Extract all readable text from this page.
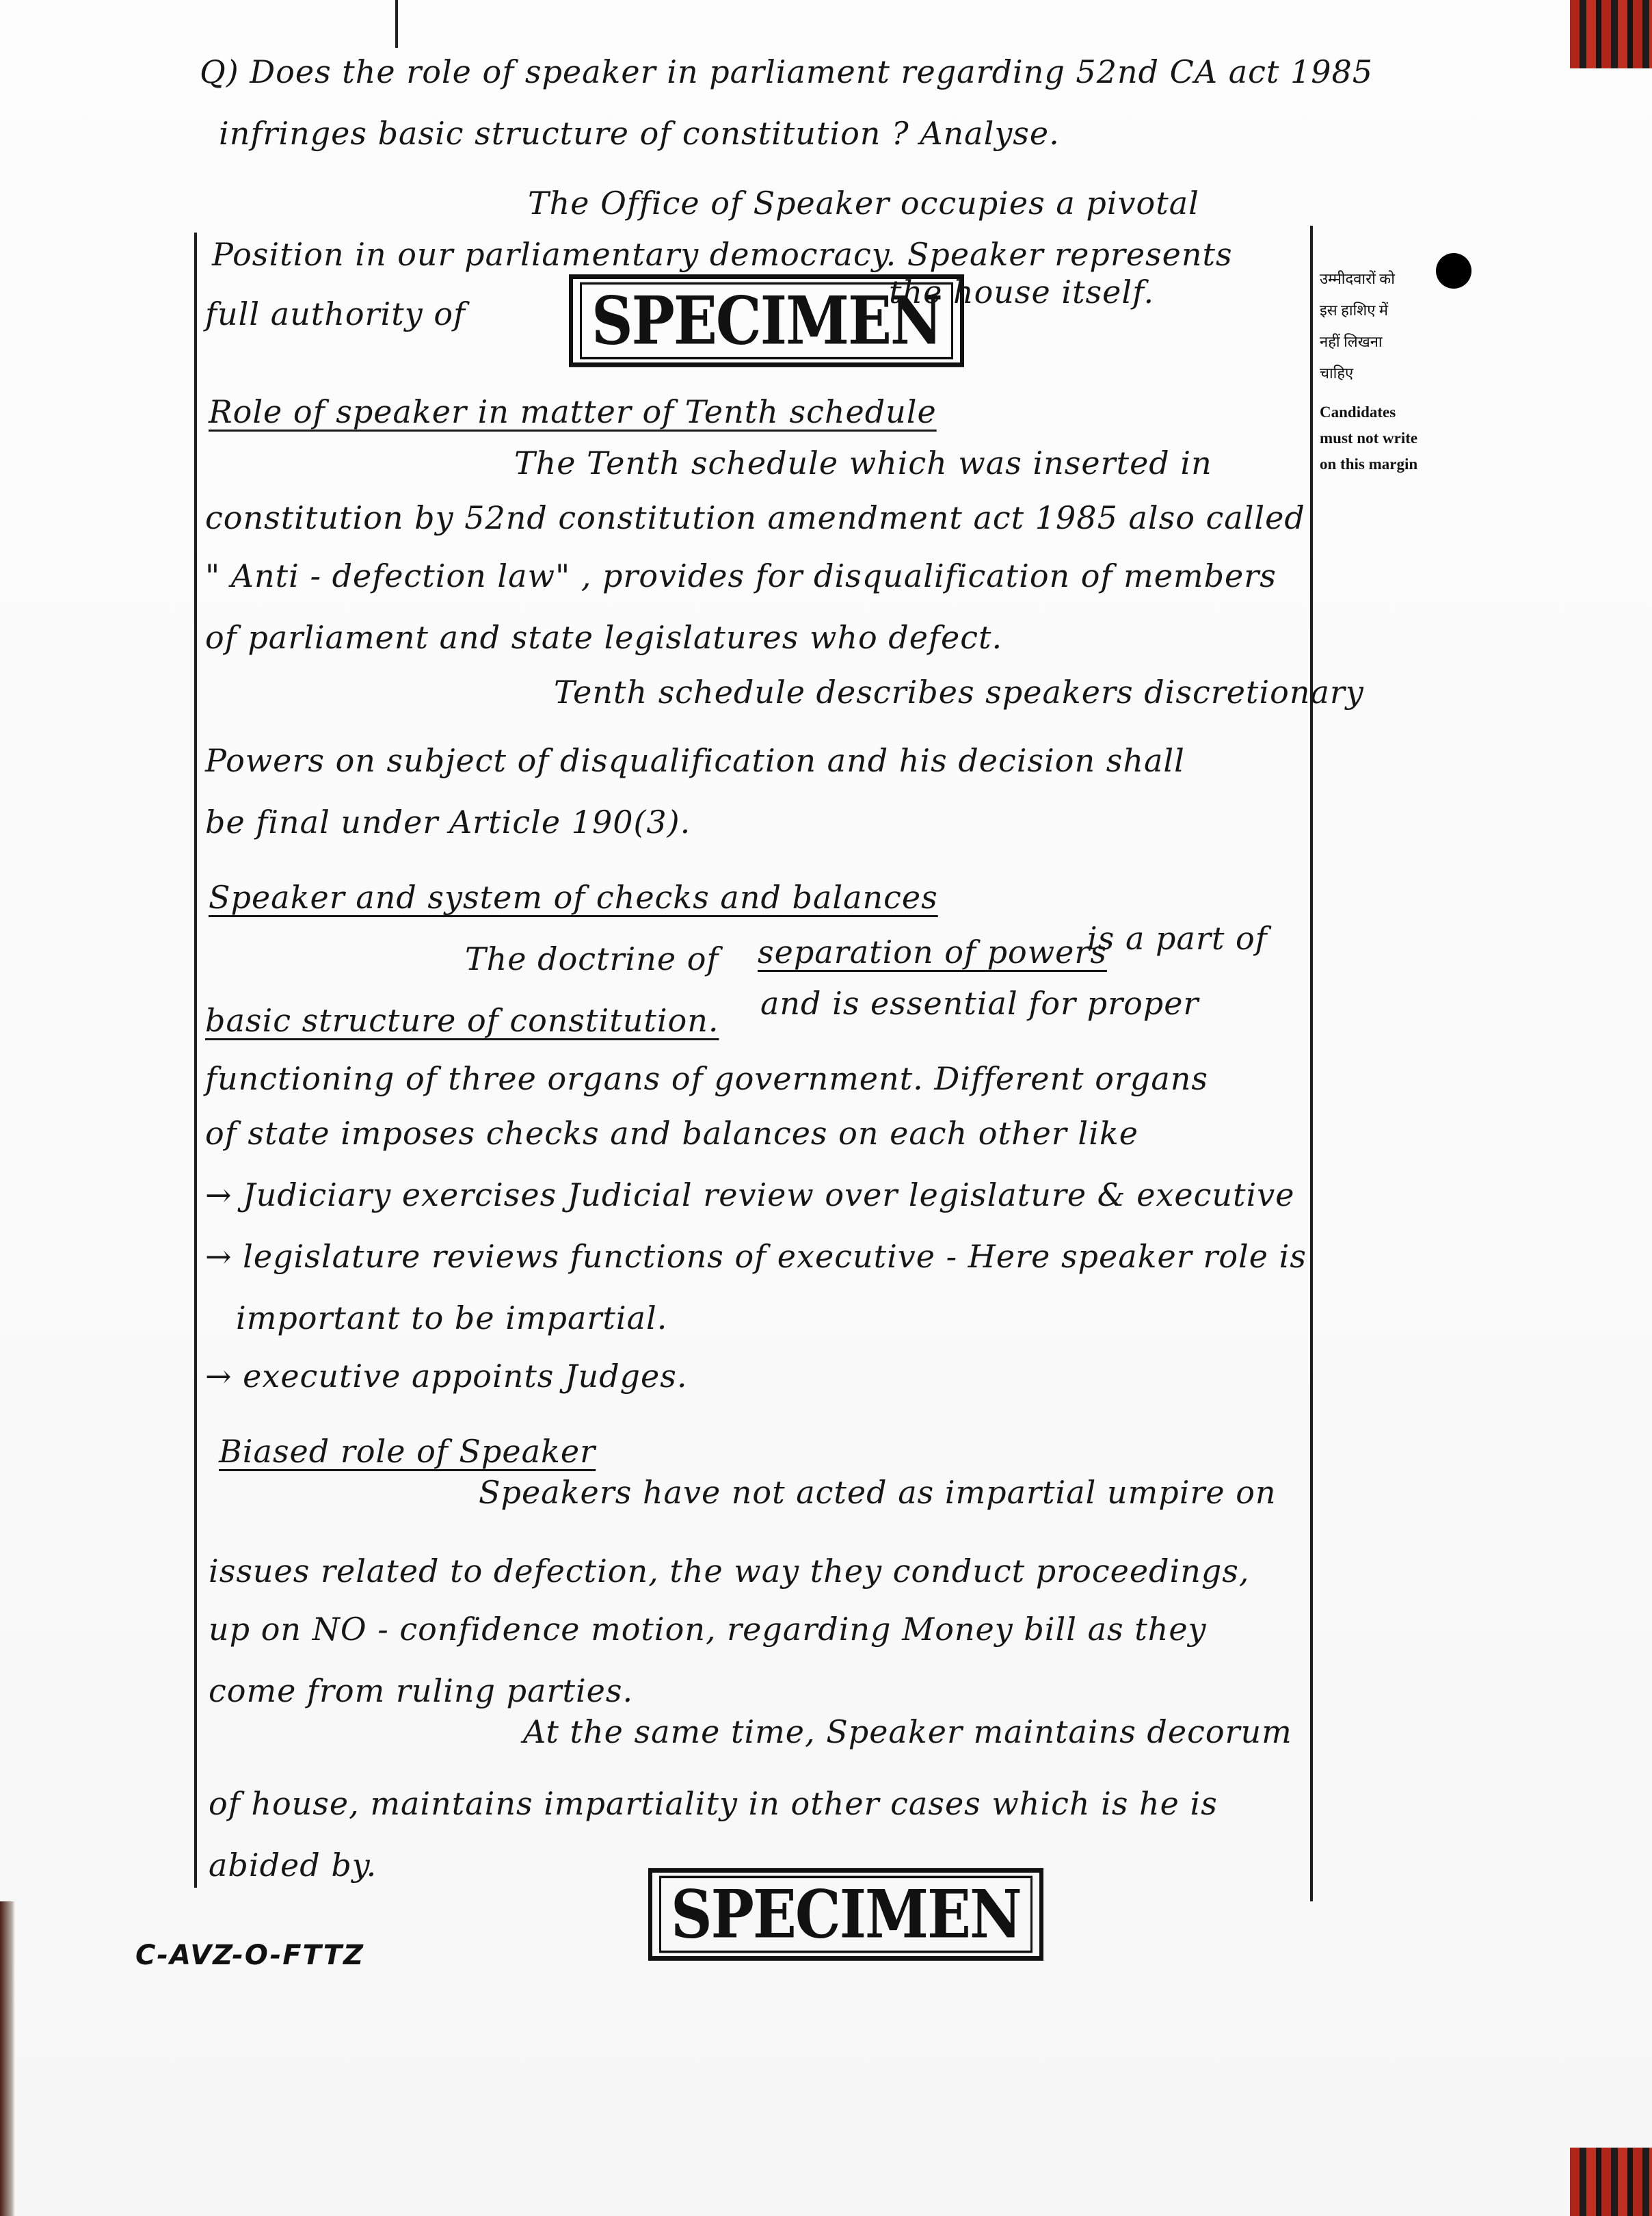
Q) Does the role of speaker in parliament regarding 52nd CA act 1985
infringes basic structure of constitution ? Analyse.
The Office of Speaker occupies a pivotal
Position in our parliamentary democracy. Speaker represents
full authority of
the house itself.
SPECIMEN
Role of speaker in matter of Tenth schedule
The Tenth schedule which was inserted in
constitution by 52nd constitution amendment act 1985 also called
" Anti - defection law" , provides for disqualification of members
of parliament and state legislatures who defect.
Tenth schedule describes speakers discretionary
Powers on subject of disqualification and his decision shall
be final under Article 190(3).
Speaker and system of checks and balances
The doctrine of separation of powers
is a part of
basic structure of constitution. and is essential for proper
functioning of three organs of government. Different organs
of state imposes checks and balances on each other like
→ Judiciary exercises Judicial review over legislature & executive
→ legislature reviews functions of executive - Here speaker role is
important to be impartial.
→ executive appoints Judges.
Biased role of Speaker
Speakers have not acted as impartial umpire on
issues related to defection, the way they conduct proceedings,
up on NO - confidence motion, regarding Money bill as they
come from ruling parties.
At the same time, Speaker maintains decorum
of house, maintains impartiality in other cases which is he is
abided by.
उम्मीदवारों को
इस हाशिए में
नहीं लिखना
चाहिए
Candidates
must not write
on this margin
C-AVZ-O-FTTZ
SPECIMEN
